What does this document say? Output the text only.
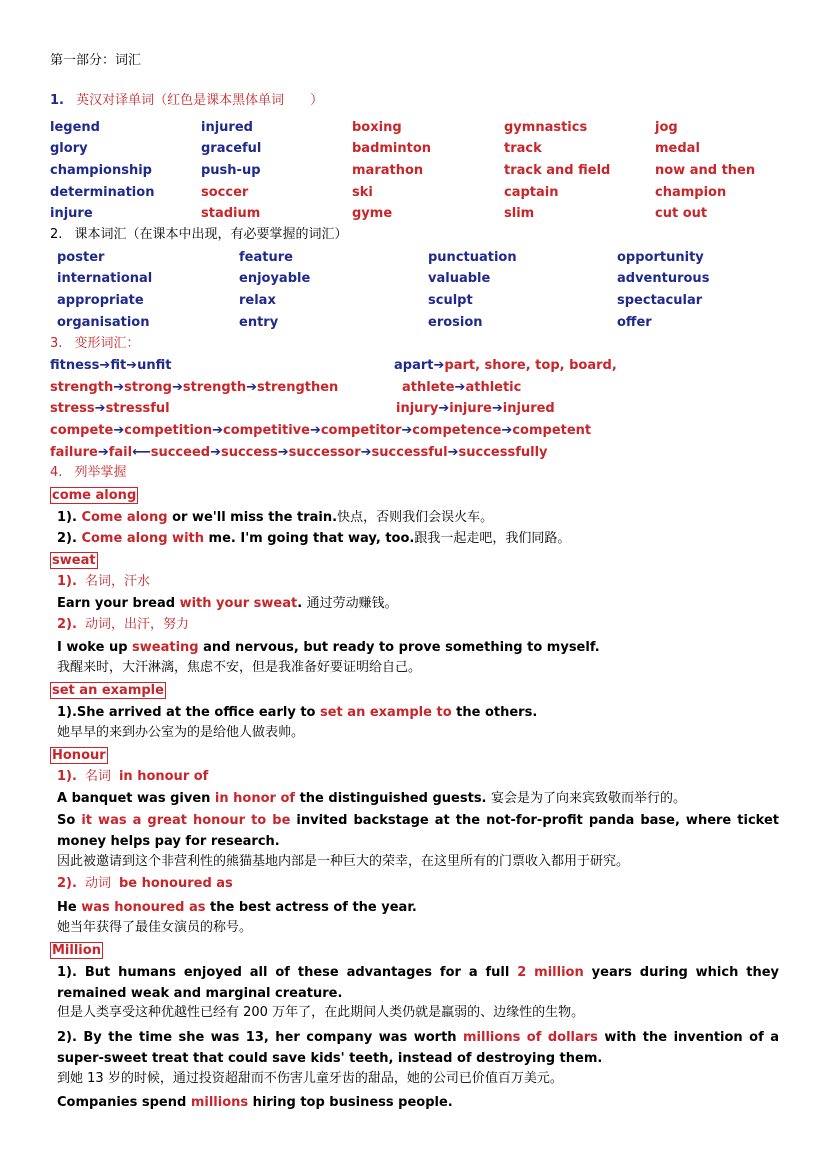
第一部分：词汇
1. 英汉对译单词（红色是课本黑体单词　　）
legend	injured	boxing	gymnastics	jog
glory	graceful	badminton	track	medal
championship	push-up	marathon	track and field	now and then
determination	soccer	ski	captain	champion
injure	stadium	gyme	slim	cut out
2. 课本词汇（在课本中出现，有必要掌握的词汇）
poster	feature	punctuation	opportunity
international	enjoyable	valuable	adventurous
appropriate	relax	sculpt	spectacular
organisation	entry	erosion	offer
3. 变形词汇：
fitness➔fit➔unfit	apart➔part, shore, top, board,
strength➔strong➔strength➔strengthen	athlete➔athletic
stress➔stressful	injury➔injure➔injured
compete➔competition➔competitive➔competitor➔competence➔competent
failure➔fail⟵succeed➔success➔successor➔successful➔successfully
4. 列举掌握
come along
1). Come along or we'll miss the train.快点，否则我们会误火车。
2). Come along with me. I'm going that way, too.跟我一起走吧，我们同路。
sweat
1). 名词，汗水
Earn your bread with your sweat. 通过劳动赚钱。
2). 动词，出汗，努力
I woke up sweating and nervous, but ready to prove something to myself.
我醒来时，大汗淋漓，焦虑不安，但是我准备好要证明给自己。
set an example
1).She arrived at the office early to set an example to the others.
她早早的来到办公室为的是给他人做表帅。
Honour
1). 名词 in honour of
A banquet was given in honor of the distinguished guests. 宴会是为了向来宾致敬而举行的。
So it was a great honour to be invited backstage at the not-for-profit panda base, where ticket money helps pay for research.
因此被邀请到这个非营利性的熊猫基地内部是一种巨大的荣幸，在这里所有的门票收入都用于研究。
2). 动词 be honoured as
He was honoured as the best actress of the year.
她当年获得了最佳女演员的称号。
Million
1). But humans enjoyed all of these advantages for a full 2 million years during which they remained weak and marginal creature.
但是人类享受这种优越性已经有 200 万年了，在此期间人类仍就是羸弱的、边缘性的生物。
2). By the time she was 13, her company was worth millions of dollars with the invention of a super-sweet treat that could save kids' teeth, instead of destroying them.
到她 13 岁的时候，通过投资超甜而不伤害儿童牙齿的甜品，她的公司已价值百万美元。
Companies spend millions hiring top business people.
